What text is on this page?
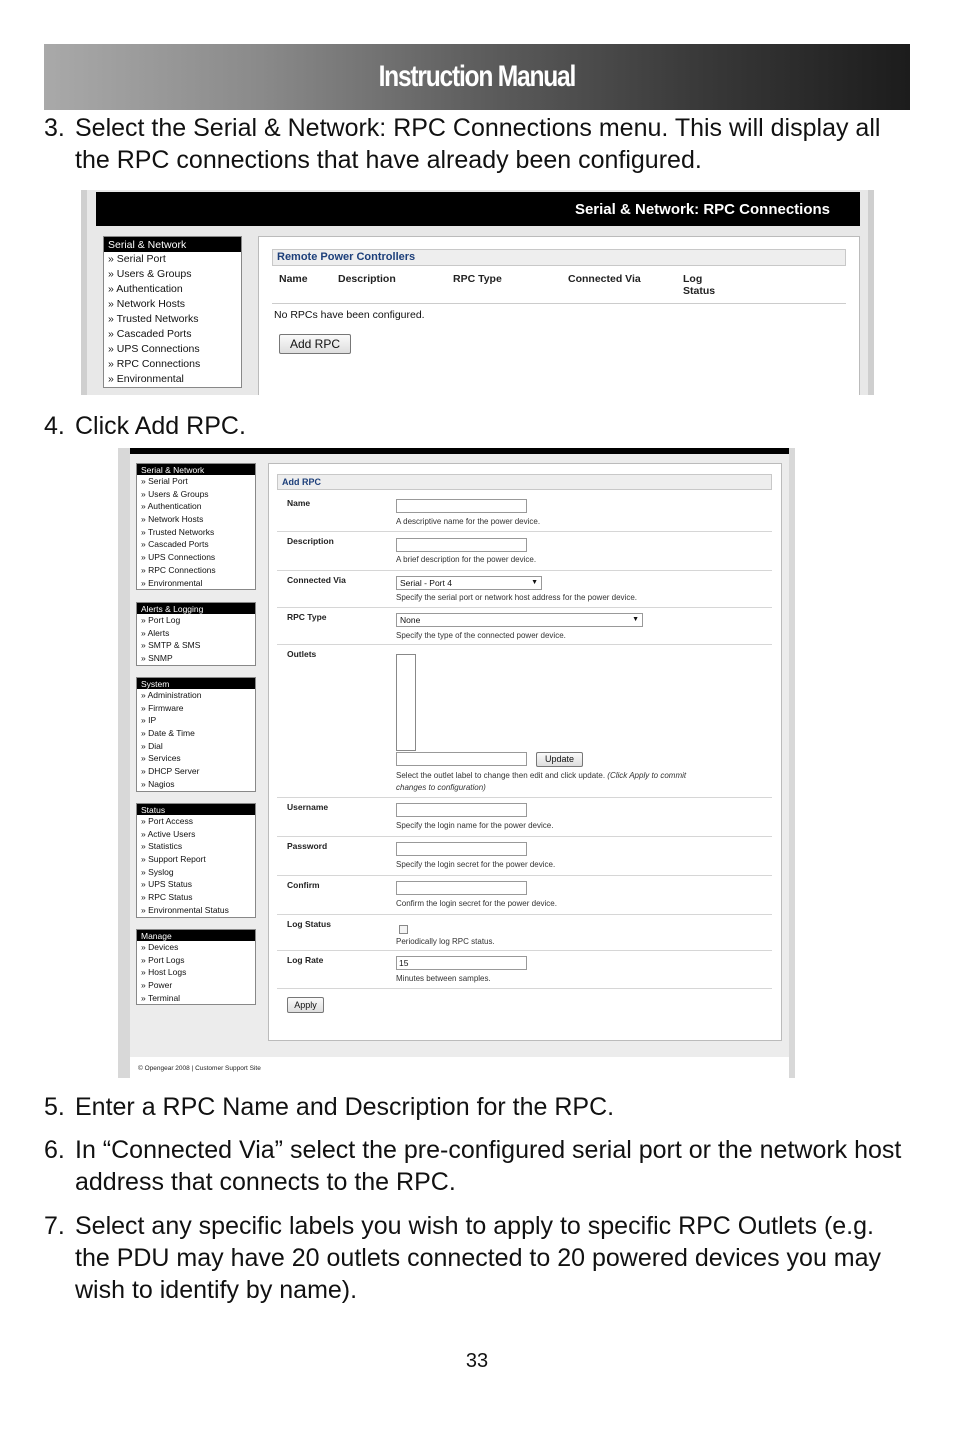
Instruction Manual
3. Select the Serial & Network: RPC Connections menu. This will display all the RPC connections that have already been configured.
Serial & Network: RPC Connections
Serial & Network
» Serial Port
» Users & Groups
» Authentication
» Network Hosts
» Trusted Networks
» Cascaded Ports
» UPS Connections
» RPC Connections
» Environmental
Remote Power Controllers
Name	Description	RPC Type	Connected Via	Log
Status
No RPCs have been configured.
Add RPC
4. Click Add RPC.
Serial & Network
» Serial Port
» Users & Groups
» Authentication
» Network Hosts
» Trusted Networks
» Cascaded Ports
» UPS Connections
» RPC Connections
» Environmental
Alerts & Logging
» Port Log
» Alerts
» SMTP & SMS
» SNMP
System
» Administration
» Firmware
» IP
» Date & Time
» Dial
» Services
» DHCP Server
» Nagios
Status
» Port Access
» Active Users
» Statistics
» Support Report
» Syslog
» UPS Status
» RPC Status
» Environmental Status
Manage
» Devices
» Port Logs
» Host Logs
» Power
» Terminal
Add RPC
Name
A descriptive name for the power device.
Description
A brief description for the power device.
Connected Via	Serial - Port 4	▼
Specify the serial port or network host address for the power device.
RPC Type	None	▼
Specify the type of the connected power device.
Outlets
Update
Select the outlet label to change then edit and click update. (Click Apply to commit
changes to configuration)
Username
Specify the login name for the power device.
Password
Specify the login secret for the power device.
Confirm
Confirm the login secret for the power device.
Log Status
Periodically log RPC status.
Log Rate	15
Minutes between samples.
Apply
© Opengear 2008 | Customer Support Site
5. Enter a RPC Name and Description for the RPC.
6. In “Connected Via” select the pre-configured serial port or the network host address that connects to the RPC.
7. Select any specific labels you wish to apply to specific RPC Outlets (e.g. the PDU may have 20 outlets connected to 20 powered devices you may wish to identify by name).
33
